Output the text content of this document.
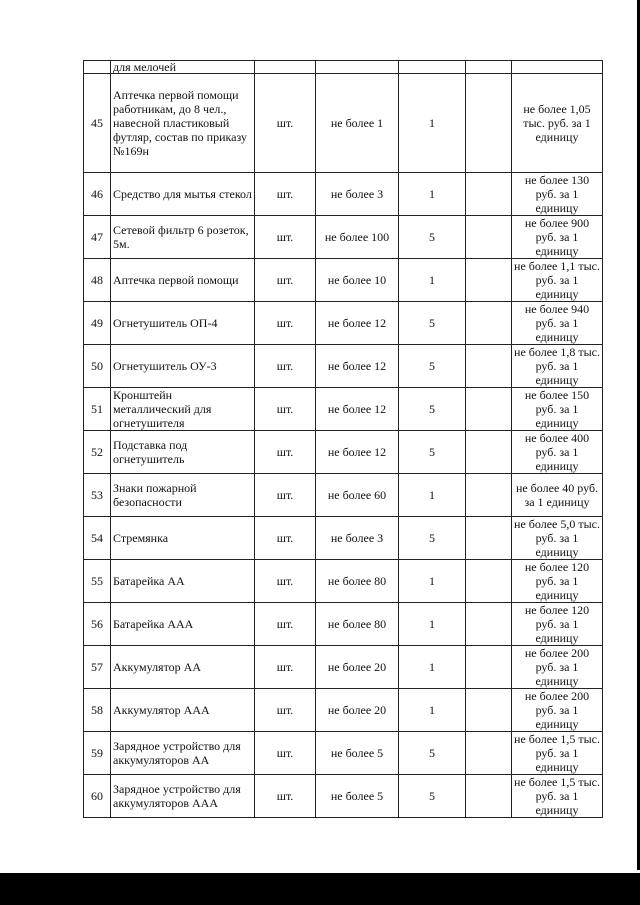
	для мелочей					
45	Аптечка первой помощи работникам, до 8 чел., навесной пластиковый футляр, состав по приказу №169н	шт.	не более 1	1		не более 1,05 тыс. руб. за 1 единицу
46	Средство для мытья стекол	шт.	не более 3	1		не более 130 руб. за 1 единицу
47	Сетевой фильтр 6 розеток, 5м.	шт.	не более 100	5		не более 900 руб. за 1 единицу
48	Аптечка первой помощи	шт.	не более 10	1		не более 1,1 тыс. руб. за 1 единицу
49	Огнетушитель ОП-4	шт.	не более 12	5		не более 940 руб. за 1 единицу
50	Огнетушитель ОУ-3	шт.	не более 12	5		не более 1,8 тыс. руб. за 1 единицу
51	Кронштейн металлический для огнетушителя	шт.	не более 12	5		не более 150 руб. за 1 единицу
52	Подставка под огнетушитель	шт.	не более 12	5		не более 400 руб. за 1 единицу
53	Знаки пожарной безопасности	шт.	не более 60	1		не более 40 руб. за 1 единицу
54	Стремянка	шт.	не более 3	5		не более 5,0 тыс. руб. за 1 единицу
55	Батарейка АА	шт.	не более 80	1		не более 120 руб. за 1 единицу
56	Батарейка ААА	шт.	не более 80	1		не более 120 руб. за 1 единицу
57	Аккумулятор АА	шт.	не более 20	1		не более 200 руб. за 1 единицу
58	Аккумулятор ААА	шт.	не более 20	1		не более 200 руб. за 1 единицу
59	Зарядное устройство для аккумуляторов АА	шт.	не более 5	5		не более 1,5 тыс. руб. за 1 единицу
60	Зарядное устройство для аккумуляторов ААА	шт.	не более 5	5		не более 1,5 тыс. руб. за 1 единицу
